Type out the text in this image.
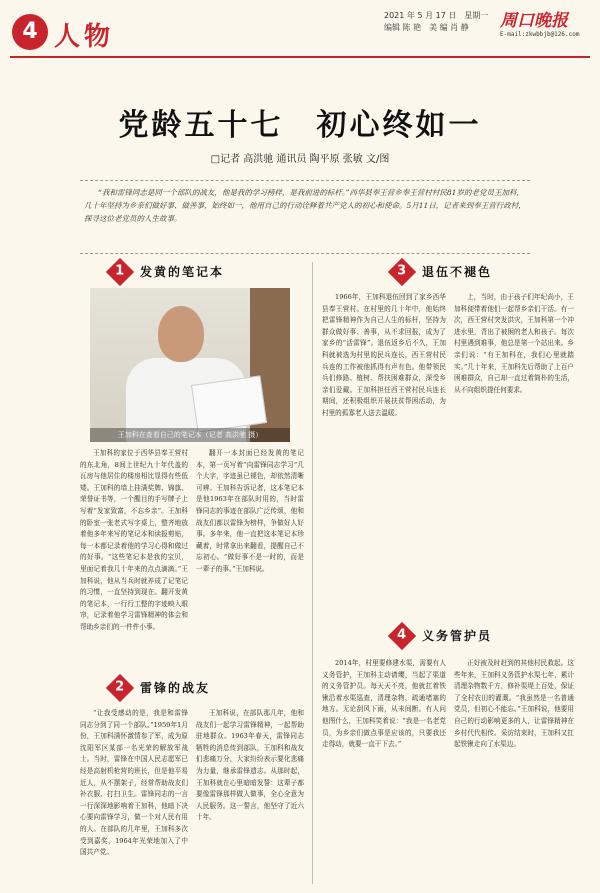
4 人物
2021 年 5 月 17 日　星期一
编辑 陈 艳　美 编 肖 静	周口晚报
E-mail:zkwbbjb@126.com
党龄五十七　初心终如一
□记者 高洪驰 通讯员 陶平原 张敏 文/图
“我和雷锋同志是同一个部队的战友，他是我的学习榜样，是我前进的标杆。”西华县奉王营乡奉王营村村民81岁的老党员王加科，几十年坚持为乡亲们做好事、做善事，始终如一，他用自己的行动诠释着共产党人的初心和使命。5月11日，记者来到奉王营行政村，探寻这位老党员的人生故事。
1	发黄的笔记本
王加科在查看自己的笔记本（记者 高洪驰 摄）

王加科的家位于西华县奉王营村的东北角，8间上世纪九十年代盖的瓦房与他居住的楼房相比显得有些低矮。王加科的墙上挂满奖牌、锦旗、荣誉证书等，一个醒目的手写牌子上写着“发家致富，不忘乡亲”。王加科的卧室一张老式写字桌上，整齐地放着他多年来写的笔记本和读报剪贴，每一本都记录着他的学习心得和做过的好事。“这些笔记本是我的宝贝，里面记着我几十年来的点点滴滴。”王加科说，他从当兵时就养成了记笔记的习惯，一直坚持到现在。翻开发黄的笔记本，一行行工整的字迹映入眼帘，记录着他学习雷锋精神的体会和帮助乡亲们的一件件小事。

翻开一本封面已经发黄的笔记本，第一页写着“向雷锋同志学习”几个大字，字迹虽已褪色，却依然清晰可辨。王加科告诉记者，这本笔记本是他1963年在部队时用的，当时雷锋同志的事迹在部队广泛传颂，他和战友们都以雷锋为榜样，争做好人好事。多年来，他一直把这本笔记本珍藏着，时常拿出来翻看，提醒自己不忘初心。“做好事不是一时的，而是一辈子的事。”王加科说。

2	雷锋的战友

“让我受感动的是，我是和雷锋同志分到了同一个部队。”1959年1月份，王加科满怀激情参了军，成为原沈阳军区某部一名光荣的解放军战士。当时，雷锋在中国人民志愿军已经是高射机枪营的班长，但是他平易近人，从不摆架子，经常帮助战友们补衣服、打扫卫生。雷锋同志的一言一行深深地影响着王加科，他暗下决心要向雷锋学习，做一个对人民有用的人。在部队的几年里，王加科多次受到嘉奖，1964年光荣地加入了中国共产党。

王加科说，在部队那几年，他和战友们一起学习雷锋精神，一起帮助驻地群众。1963年春天，雷锋同志牺牲的消息传到部队，王加科和战友们悲痛万分，大家纷纷表示要化悲痛为力量，继承雷锋遗志。从那时起，王加科就在心里暗暗发誓：这辈子都要像雷锋那样做人做事，全心全意为人民服务。这一誓言，他坚守了近六十年。

3	退伍不褪色

1966年，王加科退伍回到了家乡西华县奉王营村。在村里的几十年中，他始终把雷锋精神作为自己人生的标杆，坚持为群众做好事、善事，从不求回报，成为了家乡的“活雷锋”。退伍返乡后不久，王加科就被选为村里的民兵连长，西王营村民兵连的工作被他抓得有声有色。他带领民兵们修路、植树、帮扶困难群众，深受乡亲们爱戴。王加科担任西王营村民兵连长期间，还积极组织开展扶贫帮困活动，为村里的孤寡老人送去温暖。

上，当时，由于孩子们年纪尚小，王加科便带着他们一起帮乡亲们干活。有一次，西王营村突发洪灾，王加科第一个冲进水里，背出了被困的老人和孩子。每次村里遇到难事，他总是第一个站出来。乡亲们说：“有王加科在，我们心里就踏实。”几十年来，王加科先后帮助了上百户困难群众，自己却一直过着简朴的生活，从不向组织提任何要求。

4	义务管护员

2014年，村里要修建水渠，需要有人义务管护，王加科主动请缨，当起了渠道的义务管护员。每天天不亮，他就扛着铁锹沿着水渠巡查，清理杂物，疏通堵塞的地方。无论刮风下雨，从未间断。有人问他图什么，王加科笑着说：“我是一名老党员，为乡亲们做点事是应该的，只要我还走得动，就要一直干下去。”

正好被及时赶到的其他村民救起。这些年来，王加科义务管护水渠七年，累计清理杂物数千方，修补渠堤上百处，保证了全村农田的灌溉。“我虽然是一名普通党员，但初心不能忘。”王加科说，他要用自己的行动影响更多的人，让雷锋精神在乡村代代相传。采访结束时，王加科又扛起铁锹走向了水渠边。
